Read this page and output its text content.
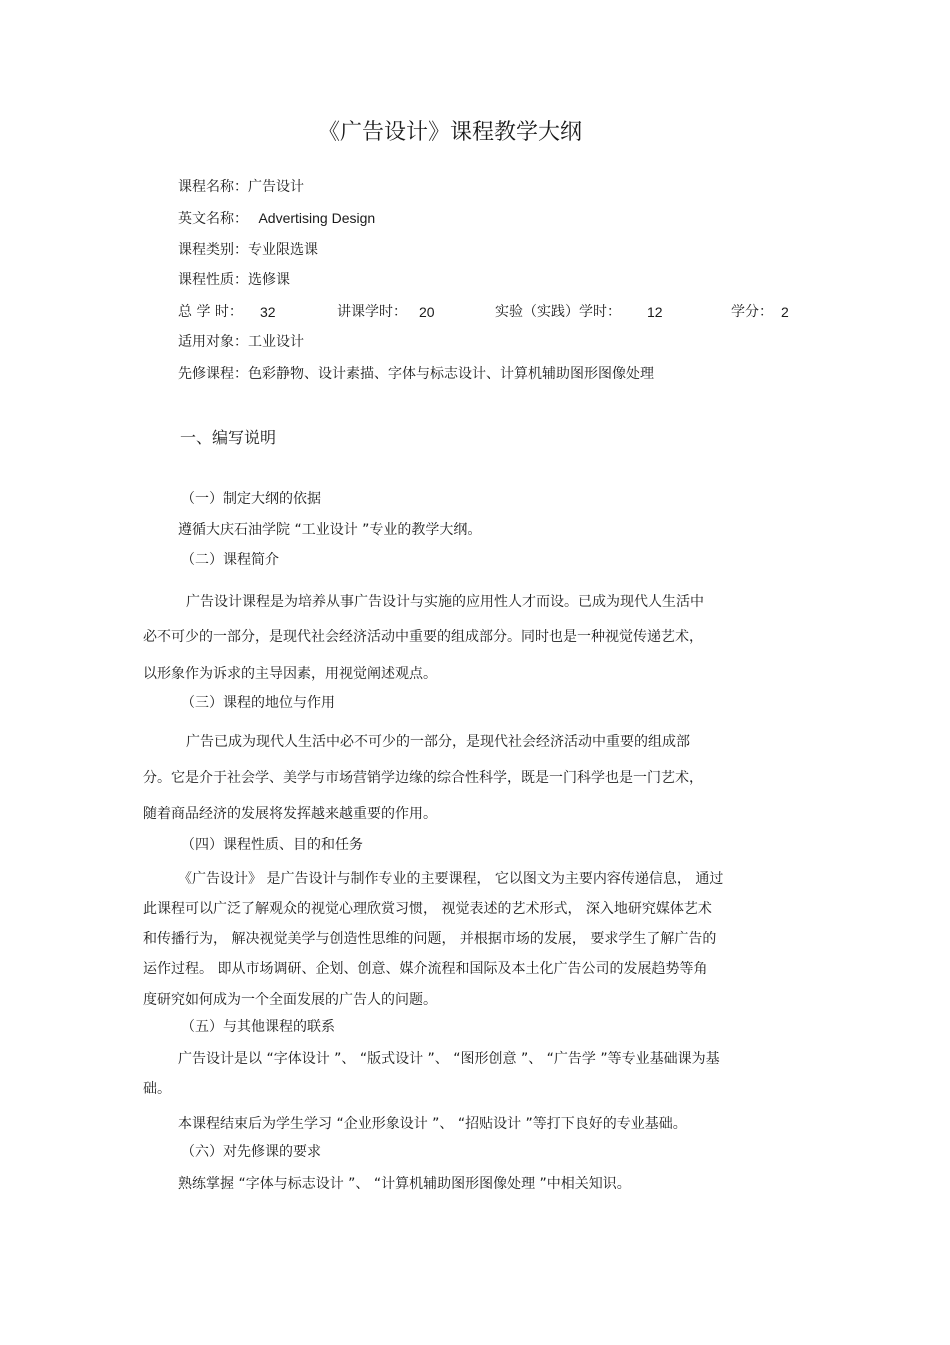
《广告设计》课程教学大纲
课程名称：广告设计
英文名称： Advertising Design
课程类别：专业限选课
课程性质：选修课
总 学 时： 32	讲课学时： 20	实验（实践）学时： 12	学分： 2
适用对象：工业设计
先修课程：色彩静物、设计素描、字体与标志设计、计算机辅助图形图像处理
一、编写说明
（一）制定大纲的依据
遵循大庆石油学院 “工业设计 ”专业的教学大纲。
（二）课程简介
广告设计课程是为培养从事广告设计与实施的应用性人才而设。已成为现代人生活中
必不可少的一部分，是现代社会经济活动中重要的组成部分。同时也是一种视觉传递艺术，
以形象作为诉求的主导因素，用视觉阐述观点。
（三）课程的地位与作用
广告已成为现代人生活中必不可少的一部分，是现代社会经济活动中重要的组成部
分。它是介于社会学、美学与市场营销学边缘的综合性科学，既是一门科学也是一门艺术，
随着商品经济的发展将发挥越来越重要的作用。
（四）课程性质、目的和任务
《广告设计》 是广告设计与制作专业的主要课程， 它以图文为主要内容传递信息， 通过
此课程可以广泛了解观众的视觉心理欣赏习惯， 视觉表述的艺术形式， 深入地研究媒体艺术
和传播行为， 解决视觉美学与创造性思维的问题， 并根据市场的发展， 要求学生了解广告的
运作过程。 即从市场调研、企划、创意、媒介流程和国际及本土化广告公司的发展趋势等角
度研究如何成为一个全面发展的广告人的问题。
（五）与其他课程的联系
广告设计是以 “字体设计 ”、 “版式设计 ”、 “图形创意 ”、 “广告学 ”等专业基础课为基
础。
本课程结束后为学生学习 “企业形象设计 ”、 “招贴设计 ”等打下良好的专业基础。
（六）对先修课的要求
熟练掌握 “字体与标志设计 ”、 “计算机辅助图形图像处理 ”中相关知识。
